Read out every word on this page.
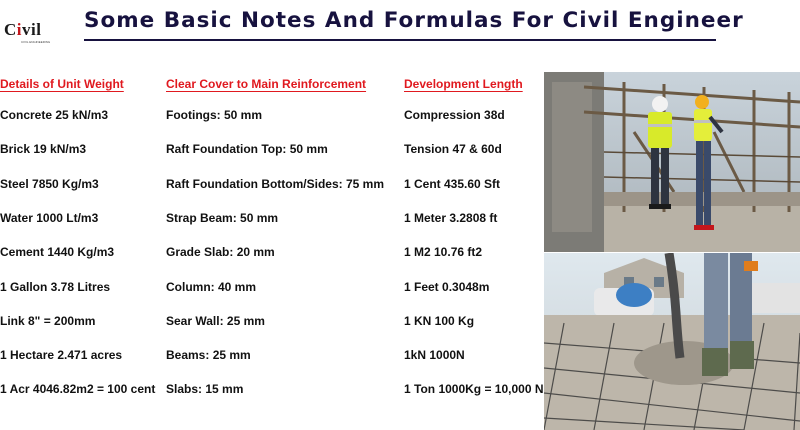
Civil
CIVIL ENGINEERING
Some Basic Notes And Formulas For Civil Engineer
Details of Unit Weight
Concrete 25 kN/m3
Brick 19 kN/m3
Steel 7850 Kg/m3
Water 1000 Lt/m3
Cement 1440 Kg/m3
1 Gallon 3.78 Litres
Link 8" = 200mm
1 Hectare 2.471 acres
1 Acr 4046.82m2 = 100 cent
Clear Cover to Main Reinforcement
Footings: 50 mm
Raft Foundation Top: 50 mm
Raft Foundation Bottom/Sides: 75 mm
Strap Beam: 50 mm
Grade Slab: 20 mm
Column: 40 mm
Sear Wall: 25 mm
Beams: 25 mm
Slabs: 15 mm
Development Length
Compression 38d
Tension 47 & 60d
1 Cent 435.60 Sft
1 Meter 3.2808 ft
1 M2 10.76 ft2
1 Feet 0.3048m
1 KN 100 Kg
1kN 1000N
1 Ton 1000Kg = 10,000 N
